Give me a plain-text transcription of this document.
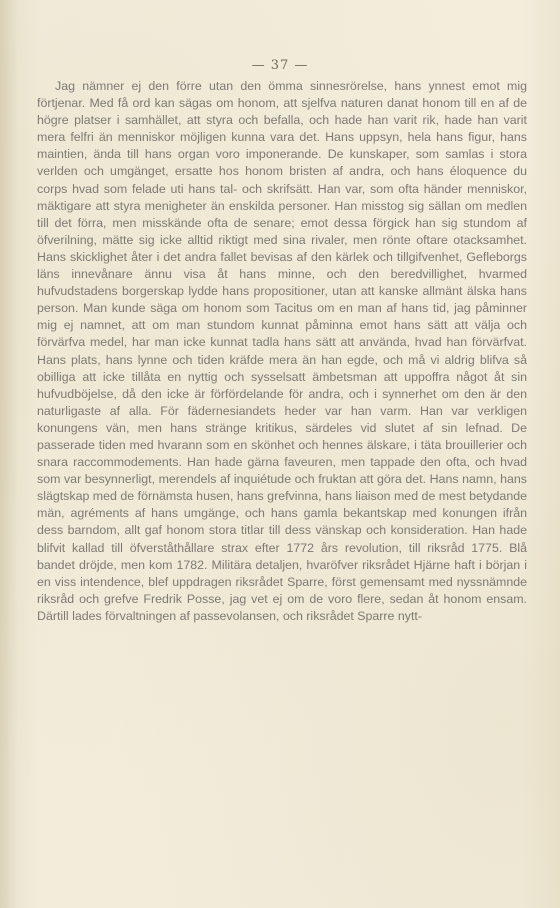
— 37 —

Jag nämner ej den förre utan den ömma sinnesrörelse, hans ynnest emot mig förtjenar. Med få ord kan sägas om honom, att sjelfva naturen danat honom till en af de högre platser i samhället, att styra och befalla, och hade han varit rik, hade han varit mera felfri än menniskor möjligen kunna vara det. Hans uppsyn, hela hans figur, hans maintien, ända till hans organ voro imponerande. De kunskaper, som samlas i stora verlden och umgänget, ersatte hos honom bristen af andra, och hans éloquence du corps hvad som felade uti hans tal- och skrifsätt. Han var, som ofta händer menniskor, mäktigare att styra menigheter än enskilda personer. Han misstog sig sällan om medlen till det förra, men misskände ofta de senare; emot dessa förgick han sig stundom af öfverilning, mätte sig icke alltid riktigt med sina rivaler, men rönte oftare otacksamhet. Hans skicklighet åter i det andra fallet bevisas af den kärlek och tillgifvenhet, Gefleborgs läns innevånare ännu visa åt hans minne, och den beredvillighet, hvarmed hufvudstadens borgerskap lydde hans propositioner, utan att kanske allmänt älska hans person. Man kunde säga om honom som Tacitus om en man af hans tid, jag påminner mig ej namnet, att om man stundom kunnat påminna emot hans sätt att välja och förvärfva medel, har man icke kunnat tadla hans sätt att använda, hvad han förvärfvat. Hans plats, hans lynne och tiden kräfde mera än han egde, och må vi aldrig blifva så obilliga att icke tillåta en nyttig och sysselsatt ämbetsman att uppoffra något åt sin hufvudböjelse, då den icke är förfördelande för andra, och i synnerhet om den är den naturligaste af alla. För fädernesiandets heder var han varm. Han var verkligen konungens vän, men hans stränge kritikus, särdeles vid slutet af sin lefnad. De passerade tiden med hvarann som en skönhet och hennes älskare, i täta brouillerier och snara raccommodements. Han hade gärna faveuren, men tappade den ofta, och hvad som var besynnerligt, merendels af inquiétude och fruktan att göra det. Hans namn, hans slägtskap med de förnämsta husen, hans grefvinna, hans liaison med de mest betydande män, agréments af hans umgänge, och hans gamla bekantskap med konungen ifrån dess barndom, allt gaf honom stora titlar till dess vänskap och konsideration. Han hade blifvit kallad till öfverståthållare strax efter 1772 års revolution, till riksråd 1775. Blå bandet dröjde, men kom 1782. Militära detaljen, hvaröfver riksrådet Hjärne haft i början i en viss intendence, blef uppdragen riksrådet Sparre, först gemensamt med nyssnämnde riksråd och grefve Fredrik Posse, jag vet ej om de voro flere, sedan åt honom ensam. Därtill lades förvaltningen af passevolansen, och riksrådet Sparre nytt-
